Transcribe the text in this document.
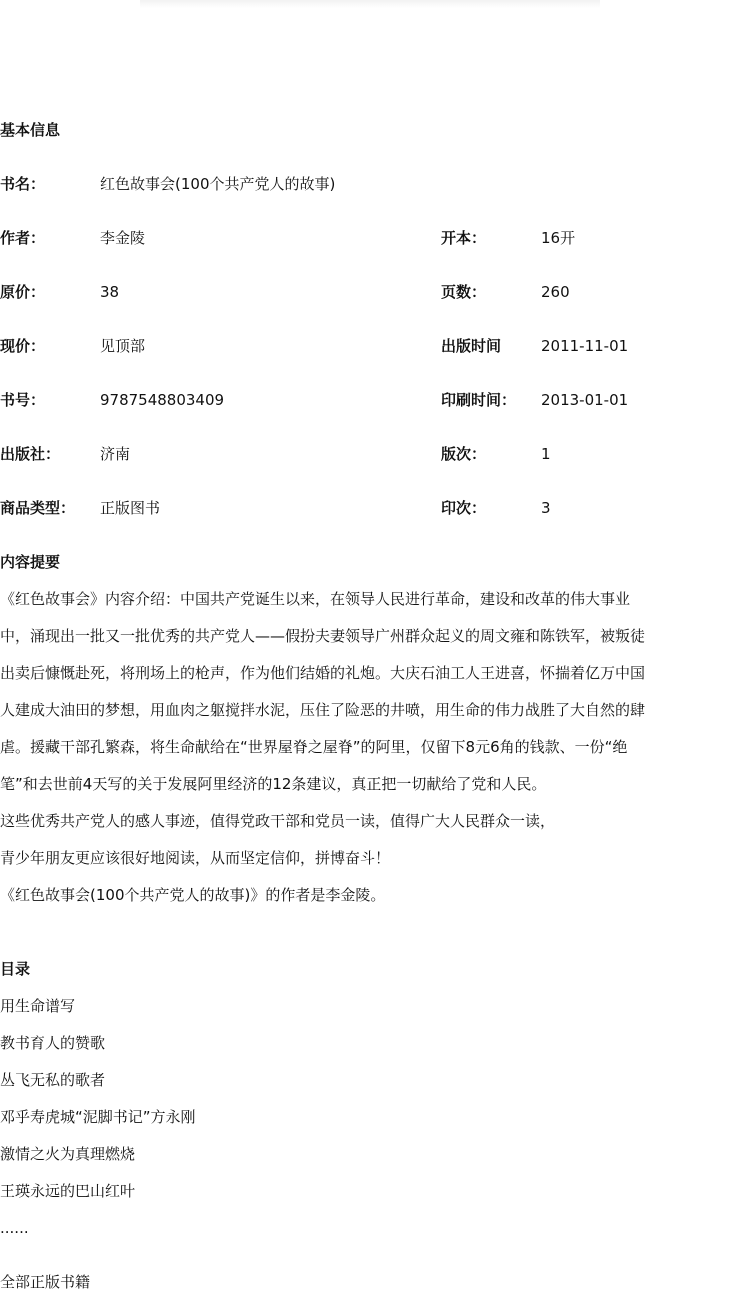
基本信息
书名：	红色故事会(100个共产党人的故事)
作者：	李金陵	开本：	16开
原价：	38	页数：	260
现价：	见顶部	出版时间	2011-11-01
书号：	9787548803409	印刷时间： 2013-01-01
出版社：	济南	版次：	1
商品类型： 正版图书	印次：	3
内容提要
《红色故事会》内容介绍：中国共产党诞生以来，在领导人民进行革命，建设和改革的伟大事业
中，涌现出一批又一批优秀的共产党人——假扮夫妻领导广州群众起义的周文雍和陈铁军，被叛徒
出卖后慷慨赴死，将刑场上的枪声，作为他们结婚的礼炮。大庆石油工人王进喜，怀揣着亿万中国
人建成大油田的梦想，用血肉之躯搅拌水泥，压住了险恶的井喷，用生命的伟力战胜了大自然的肆
虐。援藏干部孔繁森，将生命献给在“世界屋脊之屋脊”的阿里，仅留下8元6角的钱款、一份“绝
笔”和去世前4天写的关于发展阿里经济的12条建议，真正把一切献给了党和人民。
这些优秀共产党人的感人事迹，值得党政干部和党员一读，值得广大人民群众一读，
青少年朋友更应该很好地阅读，从而坚定信仰，拼博奋斗！
《红色故事会(100个共产党人的故事)》的作者是李金陵。
目录
用生命谱写
教书育人的赞歌
丛飞无私的歌者
邓乎寿虎城“泥脚书记”方永刚
激情之火为真理燃烧
王瑛永远的巴山红叶
......
全部正版书籍
